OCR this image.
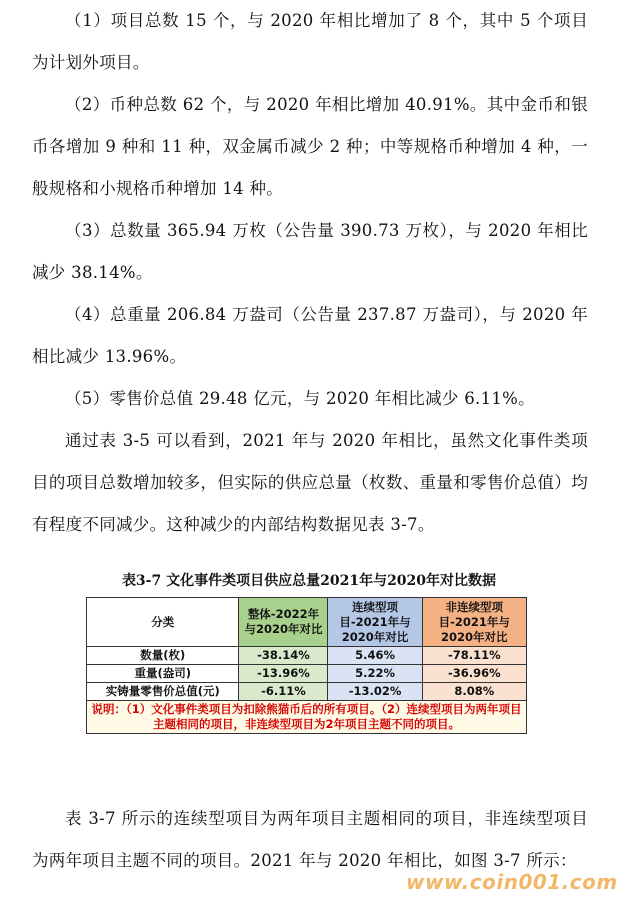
（1）项目总数 15 个，与 2020 年相比增加了 8 个，其中 5 个项目为计划外项目。

（2）币种总数 62 个，与 2020 年相比增加 40.91%。其中金币和银币各增加 9 种和 11 种，双金属币减少 2 种；中等规格币种增加 4 种，一般规格和小规格币种增加 14 种。

（3）总数量 365.94 万枚（公告量 390.73 万枚），与 2020 年相比减少 38.14%。

（4）总重量 206.84 万盎司（公告量 237.87 万盎司），与 2020 年相比减少 13.96%。

（5）零售价总值 29.48 亿元，与 2020 年相比减少 6.11%。

通过表 3-5 可以看到，2021 年与 2020 年相比，虽然文化事件类项目的项目总数增加较多，但实际的供应总量（枚数、重量和零售价总值）均有程度不同减少。这种减少的内部结构数据见表 3-7。

表3-7 文化事件类项目供应总量2021年与2020年对比数据

分类	整体-2022年与2020年对比	连续型项目-2021年与2020年对比	非连续型项目-2021年与2020年对比
数量(枚)	-38.14%	5.46%	-78.11%
重量(盎司)	-13.96%	5.22%	-36.96%
实铸量零售价总值(元)	-6.11%	-13.02%	8.08%
说明：（1）文化事件类项目为扣除熊猫币后的所有项目。（2）连续型项目为两年项目主题相同的项目，非连续型项目为2年项目主题不同的项目。			

表 3-7 所示的连续型项目为两年项目主题相同的项目，非连续型项目为两年项目主题不同的项目。2021 年与 2020 年相比，如图 3-7 所示：

www.coin001.com
